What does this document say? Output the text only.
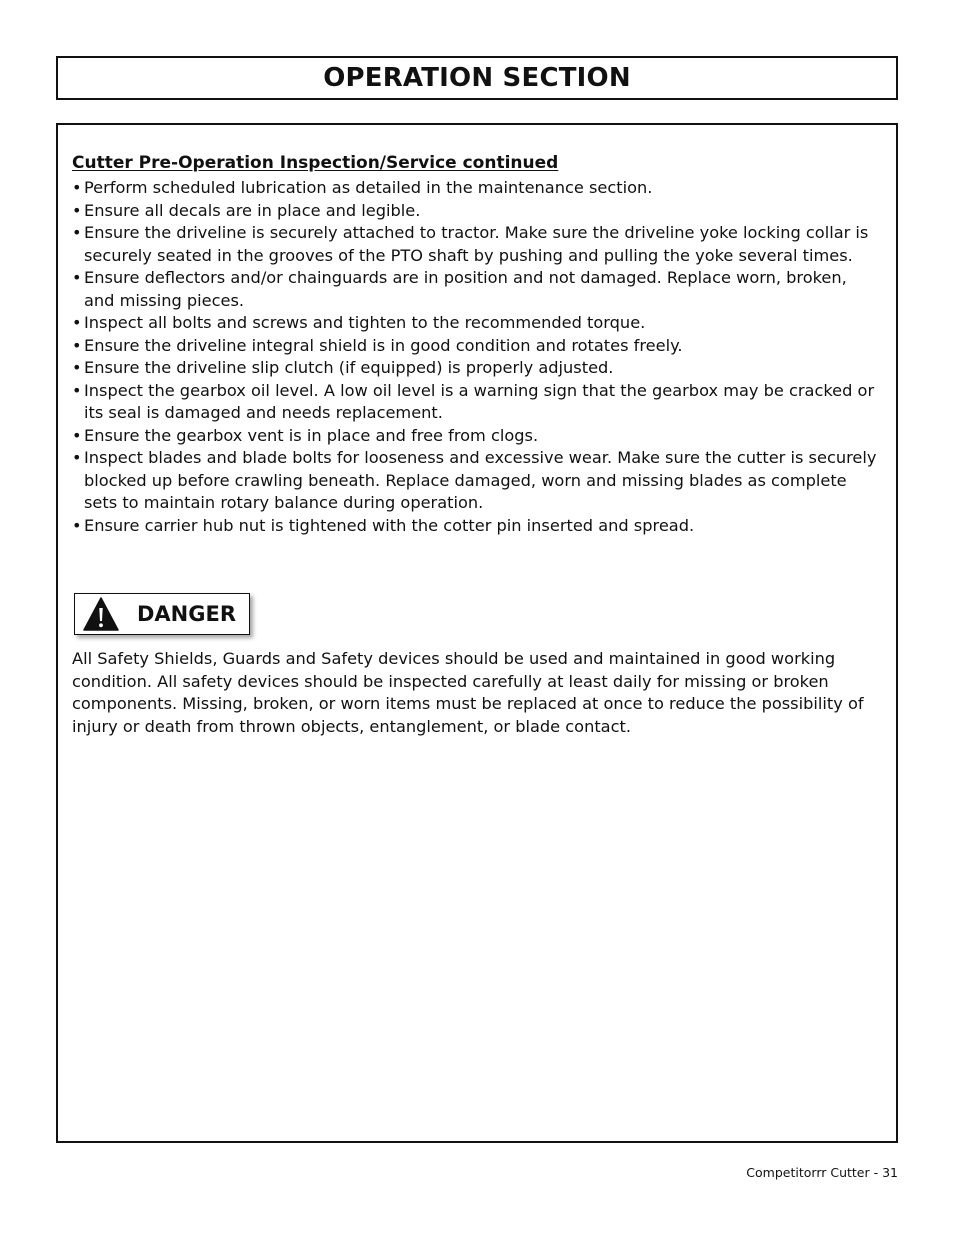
OPERATION SECTION

Cutter Pre-Operation Inspection/Service continued

• Perform scheduled lubrication as detailed in the maintenance section.
• Ensure all decals are in place and legible.
• Ensure the driveline is securely attached to tractor. Make sure the driveline yoke locking collar is securely seated in the grooves of the PTO shaft by pushing and pulling the yoke several times.
• Ensure deflectors and/or chainguards are in position and not damaged. Replace worn, broken, and missing pieces.
• Inspect all bolts and screws and tighten to the recommended torque.
• Ensure the driveline integral shield is in good condition and rotates freely.
• Ensure the driveline slip clutch (if equipped) is properly adjusted.
• Inspect the gearbox oil level. A low oil level is a warning sign that the gearbox may be cracked or its seal is damaged and needs replacement.
• Ensure the gearbox vent is in place and free from clogs.
• Inspect blades and blade bolts for looseness and excessive wear. Make sure the cutter is securely blocked up before crawling beneath. Replace damaged, worn and missing blades as complete sets to maintain rotary balance during operation.
• Ensure carrier hub nut is tightened with the cotter pin inserted and spread.
DANGER

All Safety Shields, Guards and Safety devices should be used and maintained in good working condition. All safety devices should be inspected carefully at least daily for missing or broken components. Missing, broken, or worn items must be replaced at once to reduce the possibility of injury or death from thrown objects, entanglement, or blade contact.

Competitorrr Cutter - 31
